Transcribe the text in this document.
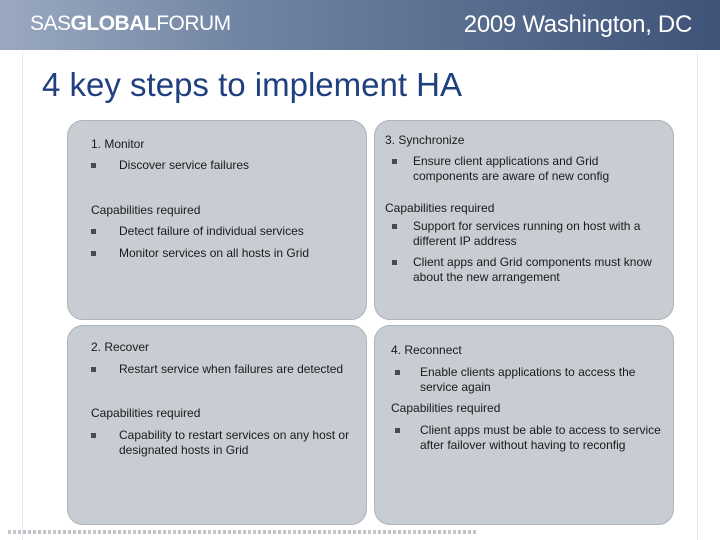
SASGLOBALFORUM	2009 Washington, DC
4 key steps to implement HA
1. Monitor
Discover service failures
Capabilities required
Detect failure of individual services
Monitor services on all hosts in Grid
3. Synchronize
Ensure client applications and Grid components are aware of new config
Capabilities required
Support for services running on host with a different IP address
Client apps and Grid components must know about the new arrangement
2. Recover
Restart service when failures are detected
Capabilities required
Capability to restart services on any host or designated hosts in Grid
4. Reconnect
Enable clients applications to access the service again
Capabilities required
Client apps must be able to access to service after failover without having to reconfig
